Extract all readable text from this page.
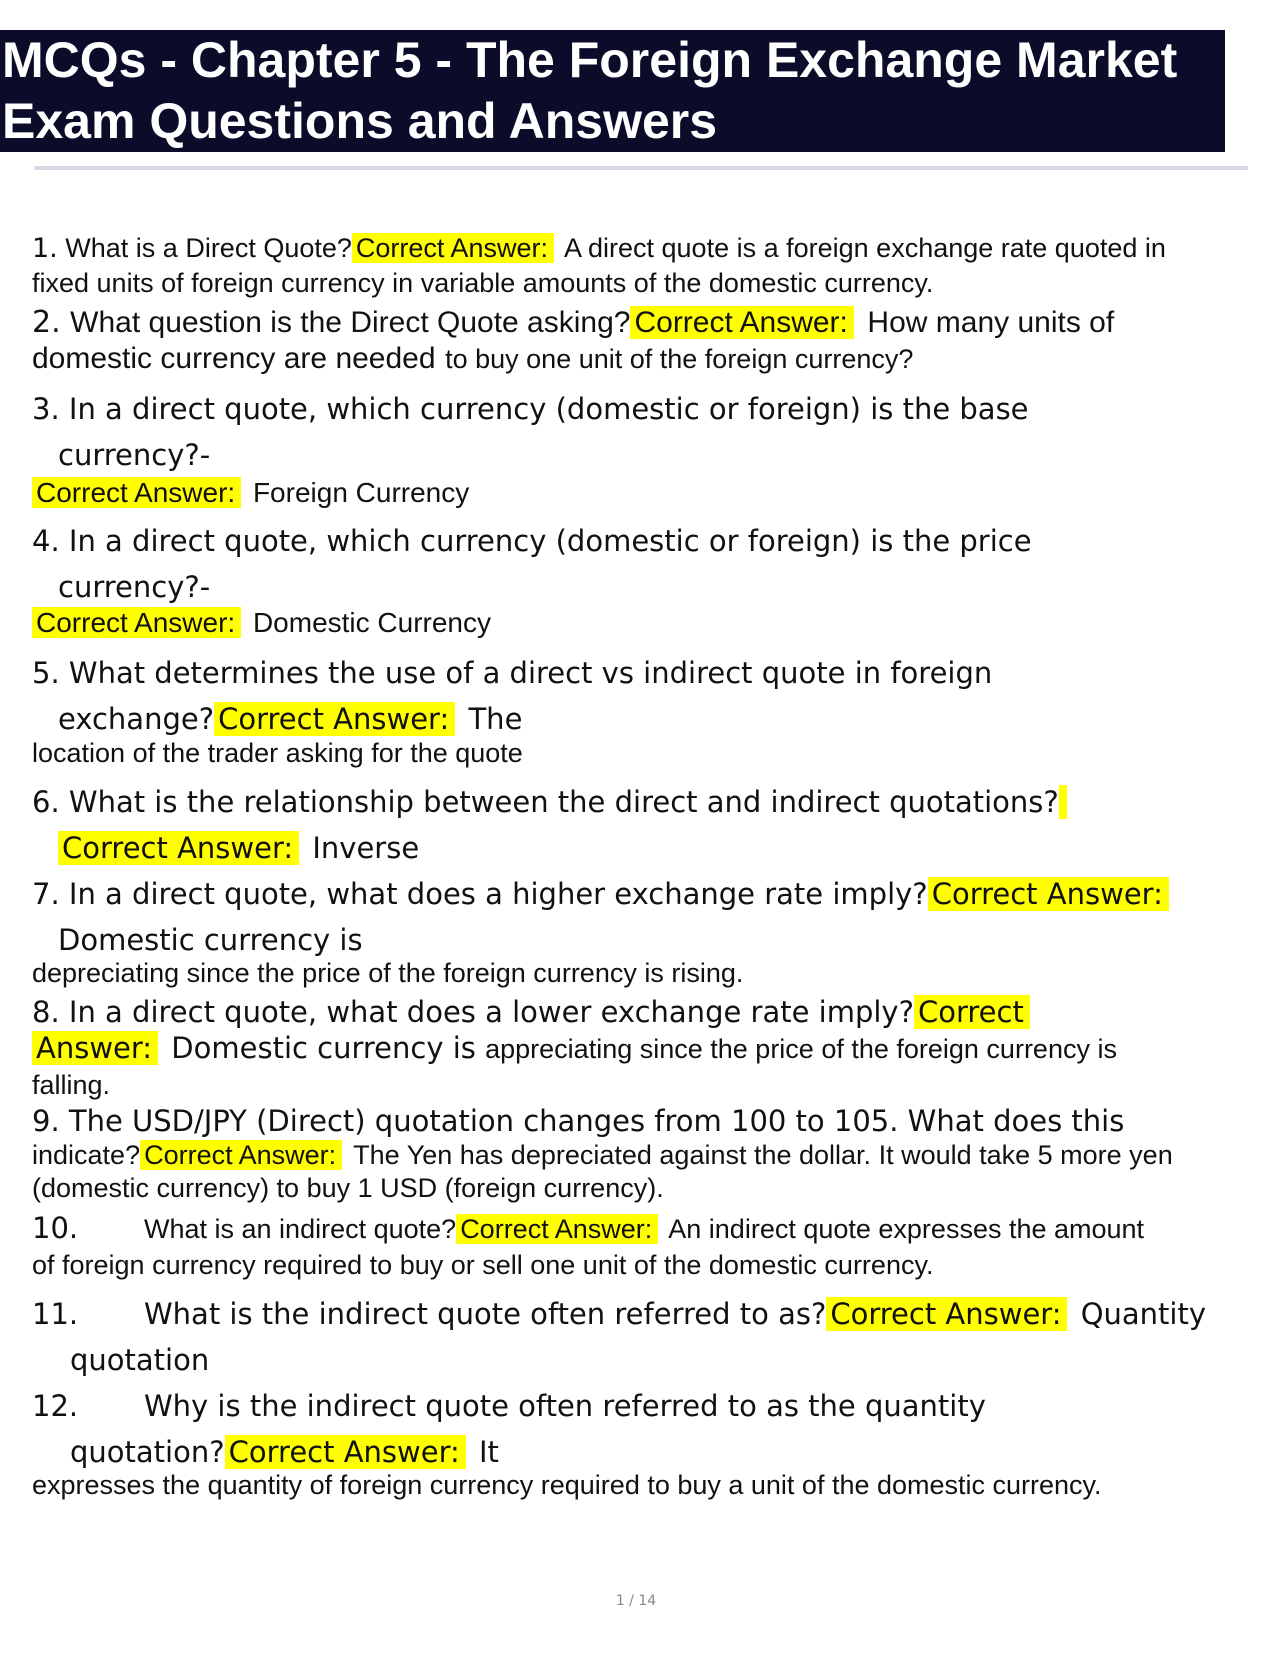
MCQs - Chapter 5 - The Foreign Exchange Market
Exam Questions and Answers
1. What is a Direct Quote? Correct Answer: A direct quote is a foreign exchange rate quoted in
fixed units of foreign currency in variable amounts of the domestic currency.
2. What question is the Direct Quote asking? Correct Answer: How many units of
domestic currency are needed to buy one unit of the foreign currency?
3. In a direct quote, which currency (domestic or foreign) is the base
currency?-
Correct Answer: Foreign Currency
4. In a direct quote, which currency (domestic or foreign) is the price
currency?-
Correct Answer: Domestic Currency
5. What determines the use of a direct vs indirect quote in foreign
exchange? Correct Answer: The
location of the trader asking for the quote
6. What is the relationship between the direct and indirect quotations?
Correct Answer: Inverse
7. In a direct quote, what does a higher exchange rate imply? Correct Answer:
Domestic currency is
depreciating since the price of the foreign currency is rising.
8. In a direct quote, what does a lower exchange rate imply? Correct
Answer: Domestic currency is appreciating since the price of the foreign currency is
falling.
9. The USD/JPY (Direct) quotation changes from 100 to 105. What does this
indicate? Correct Answer: The Yen has depreciated against the dollar. It would take 5 more yen
(domestic currency) to buy 1 USD (foreign currency).
10. What is an indirect quote? Correct Answer: An indirect quote expresses the amount
of foreign currency required to buy or sell one unit of the domestic currency.
11. What is the indirect quote often referred to as? Correct Answer: Quantity
quotation
12. Why is the indirect quote often referred to as the quantity
quotation? Correct Answer: It
expresses the quantity of foreign currency required to buy a unit of the domestic currency.
1 / 14
